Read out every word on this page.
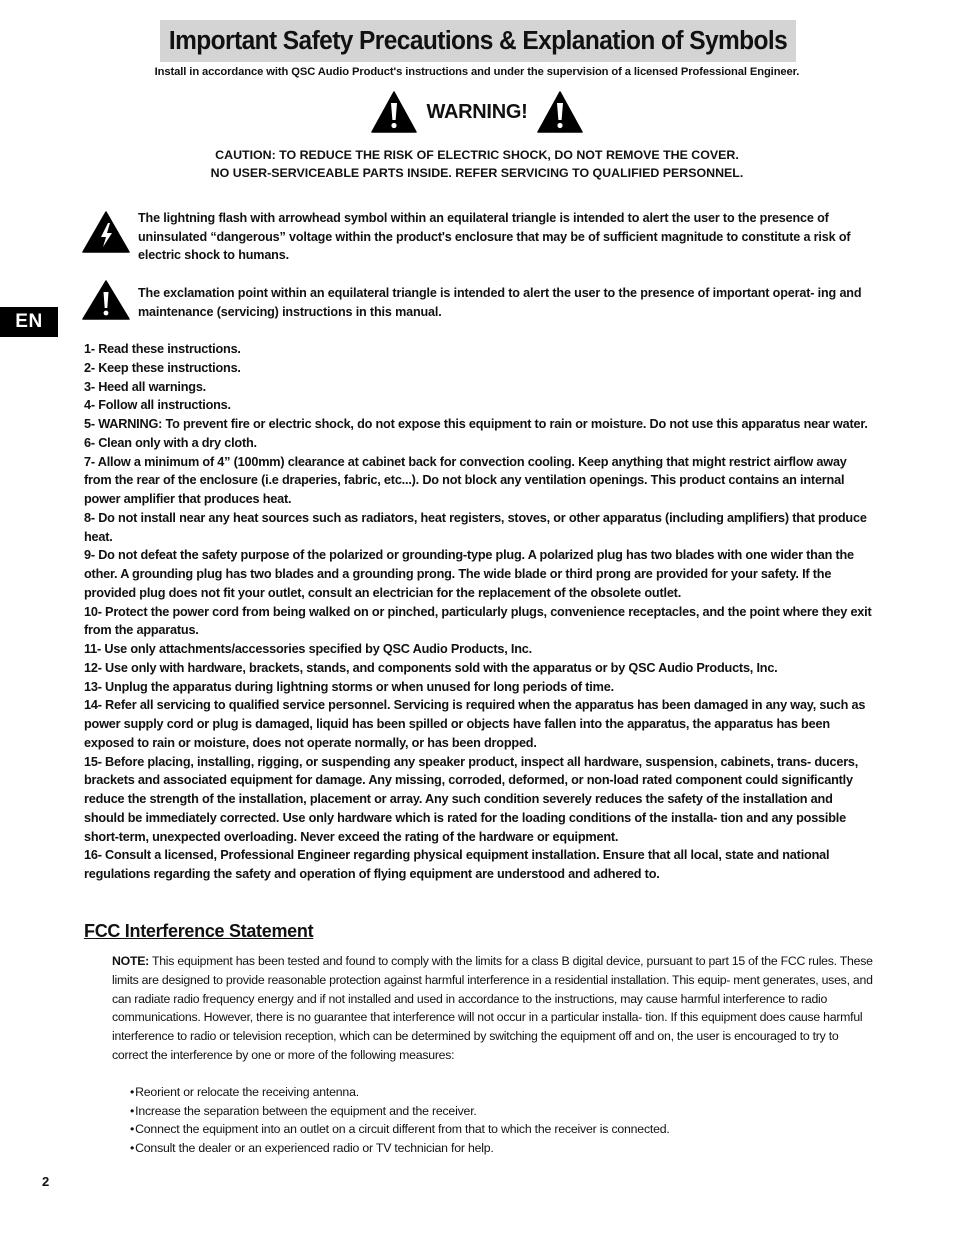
Important Safety Precautions & Explanation of Symbols
Install in accordance with QSC Audio Product's instructions and under the supervision of a licensed Professional Engineer.
WARNING!
CAUTION: TO REDUCE THE RISK OF ELECTRIC SHOCK, DO NOT REMOVE THE COVER.
NO USER-SERVICEABLE PARTS INSIDE. REFER SERVICING TO QUALIFIED PERSONNEL.

The lightning flash with arrowhead symbol within an equilateral triangle is intended to alert the user to the presence of uninsulated “dangerous” voltage within the product's enclosure that may be of sufficient magnitude to constitute a risk of electric shock to humans.

The exclamation point within an equilateral triangle is intended to alert the user to the presence of important operat- ing and maintenance (servicing) instructions in this manual.

EN
1- Read these instructions.
2- Keep these instructions.
3- Heed all warnings.
4- Follow all instructions.
5- WARNING: To prevent fire or electric shock, do not expose this equipment to rain or moisture. Do not use this apparatus near water.
6- Clean only with a dry cloth.
7- Allow a minimum of 4” (100mm) clearance at cabinet back for convection cooling. Keep anything that might restrict airflow away from the rear of the enclosure (i.e draperies, fabric, etc...). Do not block any ventilation openings. This product contains an internal power amplifier that produces heat.
8- Do not install near any heat sources such as radiators, heat registers, stoves, or other apparatus (including amplifiers) that produce heat.
9- Do not defeat the safety purpose of the polarized or grounding-type plug. A polarized plug has two blades with one wider than the other. A grounding plug has two blades and a grounding prong. The wide blade or third prong are provided for your safety. If the provided plug does not fit your outlet, consult an electrician for the replacement of the obsolete outlet.
10- Protect the power cord from being walked on or pinched, particularly plugs, convenience receptacles, and the point where they exit from the apparatus.
11- Use only attachments/accessories specified by QSC Audio Products, Inc.
12- Use only with hardware, brackets, stands, and components sold with the apparatus or by QSC Audio Products, Inc.
13- Unplug the apparatus during lightning storms or when unused for long periods of time.
14- Refer all servicing to qualified service personnel. Servicing is required when the apparatus has been damaged in any way, such as power supply cord or plug is damaged, liquid has been spilled or objects have fallen into the apparatus, the apparatus has been exposed to rain or moisture, does not operate normally, or has been dropped.
15- Before placing, installing, rigging, or suspending any speaker product, inspect all hardware, suspension, cabinets, trans- ducers, brackets and associated equipment for damage. Any missing, corroded, deformed, or non-load rated component could significantly reduce the strength of the installation, placement or array. Any such condition severely reduces the safety of the installation and should be immediately corrected. Use only hardware which is rated for the loading conditions of the installa- tion and any possible short-term, unexpected overloading. Never exceed the rating of the hardware or equipment.
16- Consult a licensed, Professional Engineer regarding physical equipment installation. Ensure that all local, state and national regulations regarding the safety and operation of flying equipment are understood and adhered to.
FCC Interference Statement

NOTE: This equipment has been tested and found to comply with the limits for a class B digital device, pursuant to part 15 of the FCC rules. These limits are designed to provide reasonable protection against harmful interference in a residential installation. This equip- ment generates, uses, and can radiate radio frequency energy and if not installed and used in accordance to the instructions, may cause harmful interference to radio communications. However, there is no guarantee that interference will not occur in a particular installa- tion. If this equipment does cause harmful interference to radio or television reception, which can be determined by switching the equipment off and on, the user is encouraged to try to correct the interference by one or more of the following measures:

• Reorient or relocate the receiving antenna.
• Increase the separation between the equipment and the receiver.
• Connect the equipment into an outlet on a circuit different from that to which the receiver is connected.
• Consult the dealer or an experienced radio or TV technician for help.
2
